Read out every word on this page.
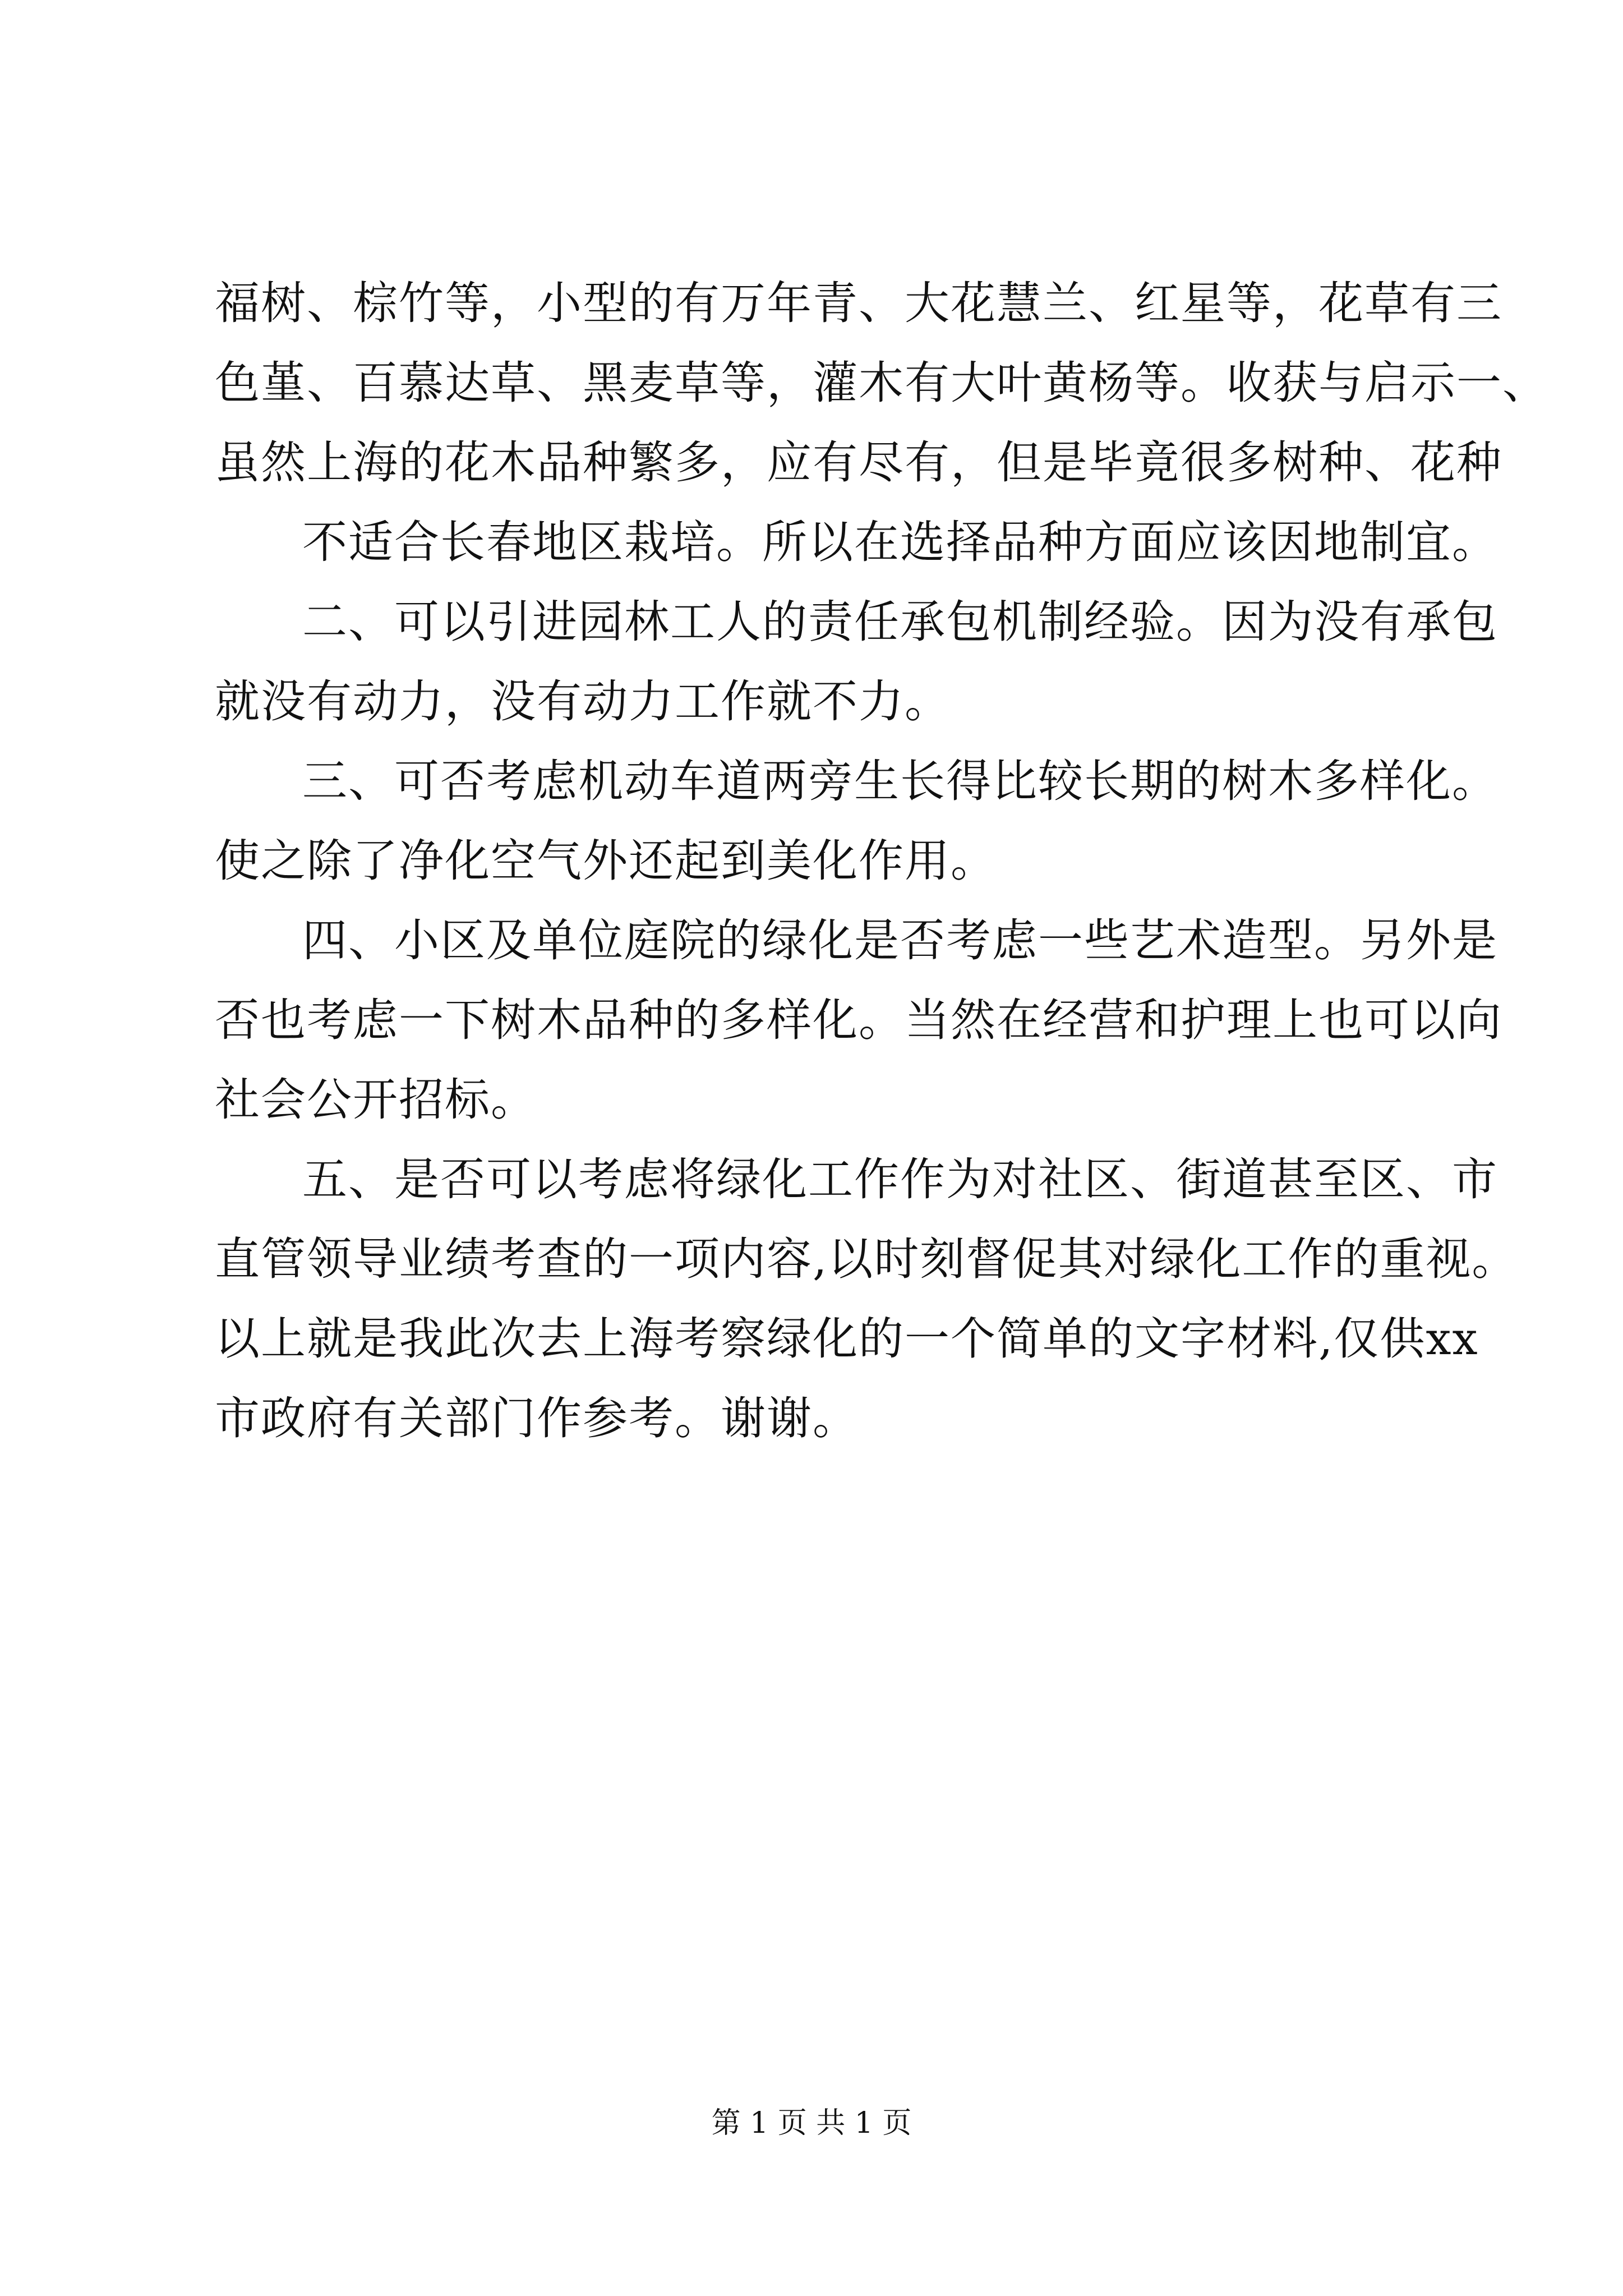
福树、棕竹等，小型的有万年青、大花慧兰、红星等，花草有三
色堇、百慕达草、黑麦草等，灌木有大叶黄杨等。收获与启示一、
虽然上海的花木品种繁多，应有尽有，但是毕竟很多树种、花种
不适合长春地区栽培。所以在选择品种方面应该因地制宜。
二、可以引进园林工人的责任承包机制经验。因为没有承包
就没有动力，没有动力工作就不力。
三、可否考虑机动车道两旁生长得比较长期的树木多样化。
使之除了净化空气外还起到美化作用。
四、小区及单位庭院的绿化是否考虑一些艺术造型。另外是
否也考虑一下树木品种的多样化。当然在经营和护理上也可以向
社会公开招标。
五、是否可以考虑将绿化工作作为对社区、街道甚至区、市
直管领导业绩考查的一项内容,以时刻督促其对绿化工作的重视。
以上就是我此次去上海考察绿化的一个简单的文字材料,仅供xx
市政府有关部门作参考。谢谢。
第 1 页 共 1 页
